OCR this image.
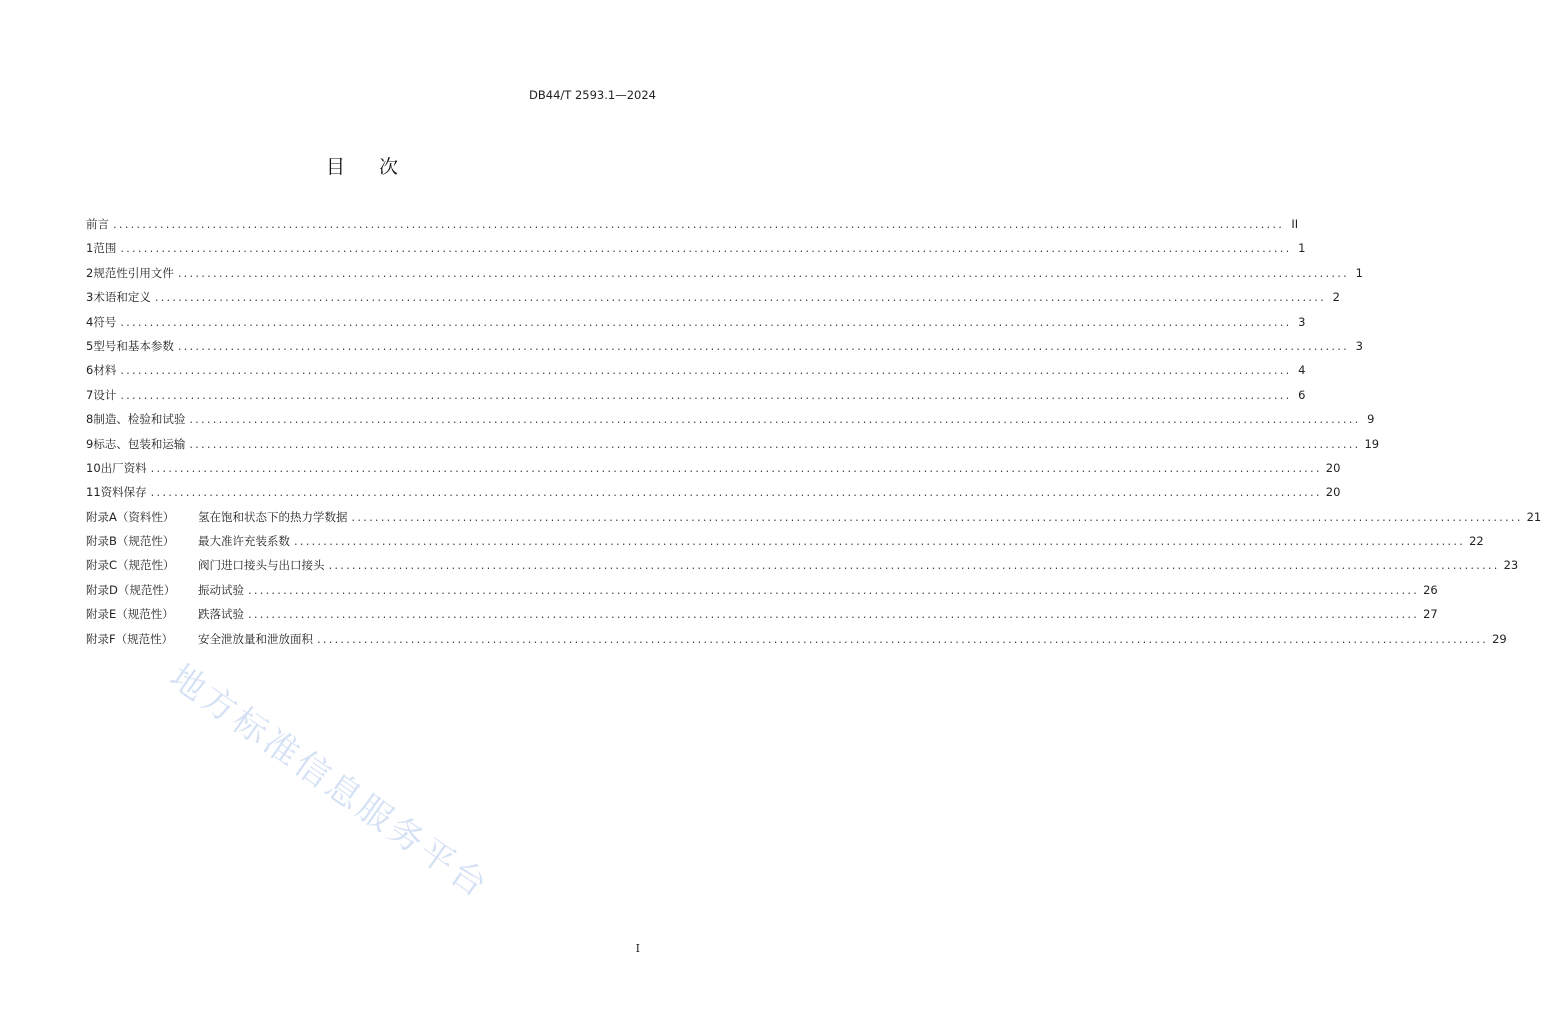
DB44/T 2593.1—2024
目次
前言 ........................................................................................................................................................................................................ II
1 范围 ........................................................................................................................................................................................................ 1
2 规范性引用文件 ........................................................................................................................................................................................................ 1
3 术语和定义 ........................................................................................................................................................................................................ 2
4 符号 ........................................................................................................................................................................................................ 3
5 型号和基本参数 ........................................................................................................................................................................................................ 3
6 材料 ........................................................................................................................................................................................................ 4
7 设计 ........................................................................................................................................................................................................ 6
8 制造、检验和试验 ........................................................................................................................................................................................................ 9
9 标志、包装和运输 ........................................................................................................................................................................................................ 19
10 出厂资料 ........................................................................................................................................................................................................ 20
11 资料保存 ........................................................................................................................................................................................................ 20
附录A（资料性）	氢在饱和状态下的热力学数据 ........................................................................................................................................................................................................ 21
附录B（规范性）	最大准许充装系数 ........................................................................................................................................................................................................ 22
附录C（规范性）	阀门进口接头与出口接头 ........................................................................................................................................................................................................ 23
附录D（规范性）	振动试验 ........................................................................................................................................................................................................ 26
附录E（规范性）	跌落试验 ........................................................................................................................................................................................................ 27
附录F（规范性）	安全泄放量和泄放面积 ........................................................................................................................................................................................................ 29
地方标准信息服务平台
I
